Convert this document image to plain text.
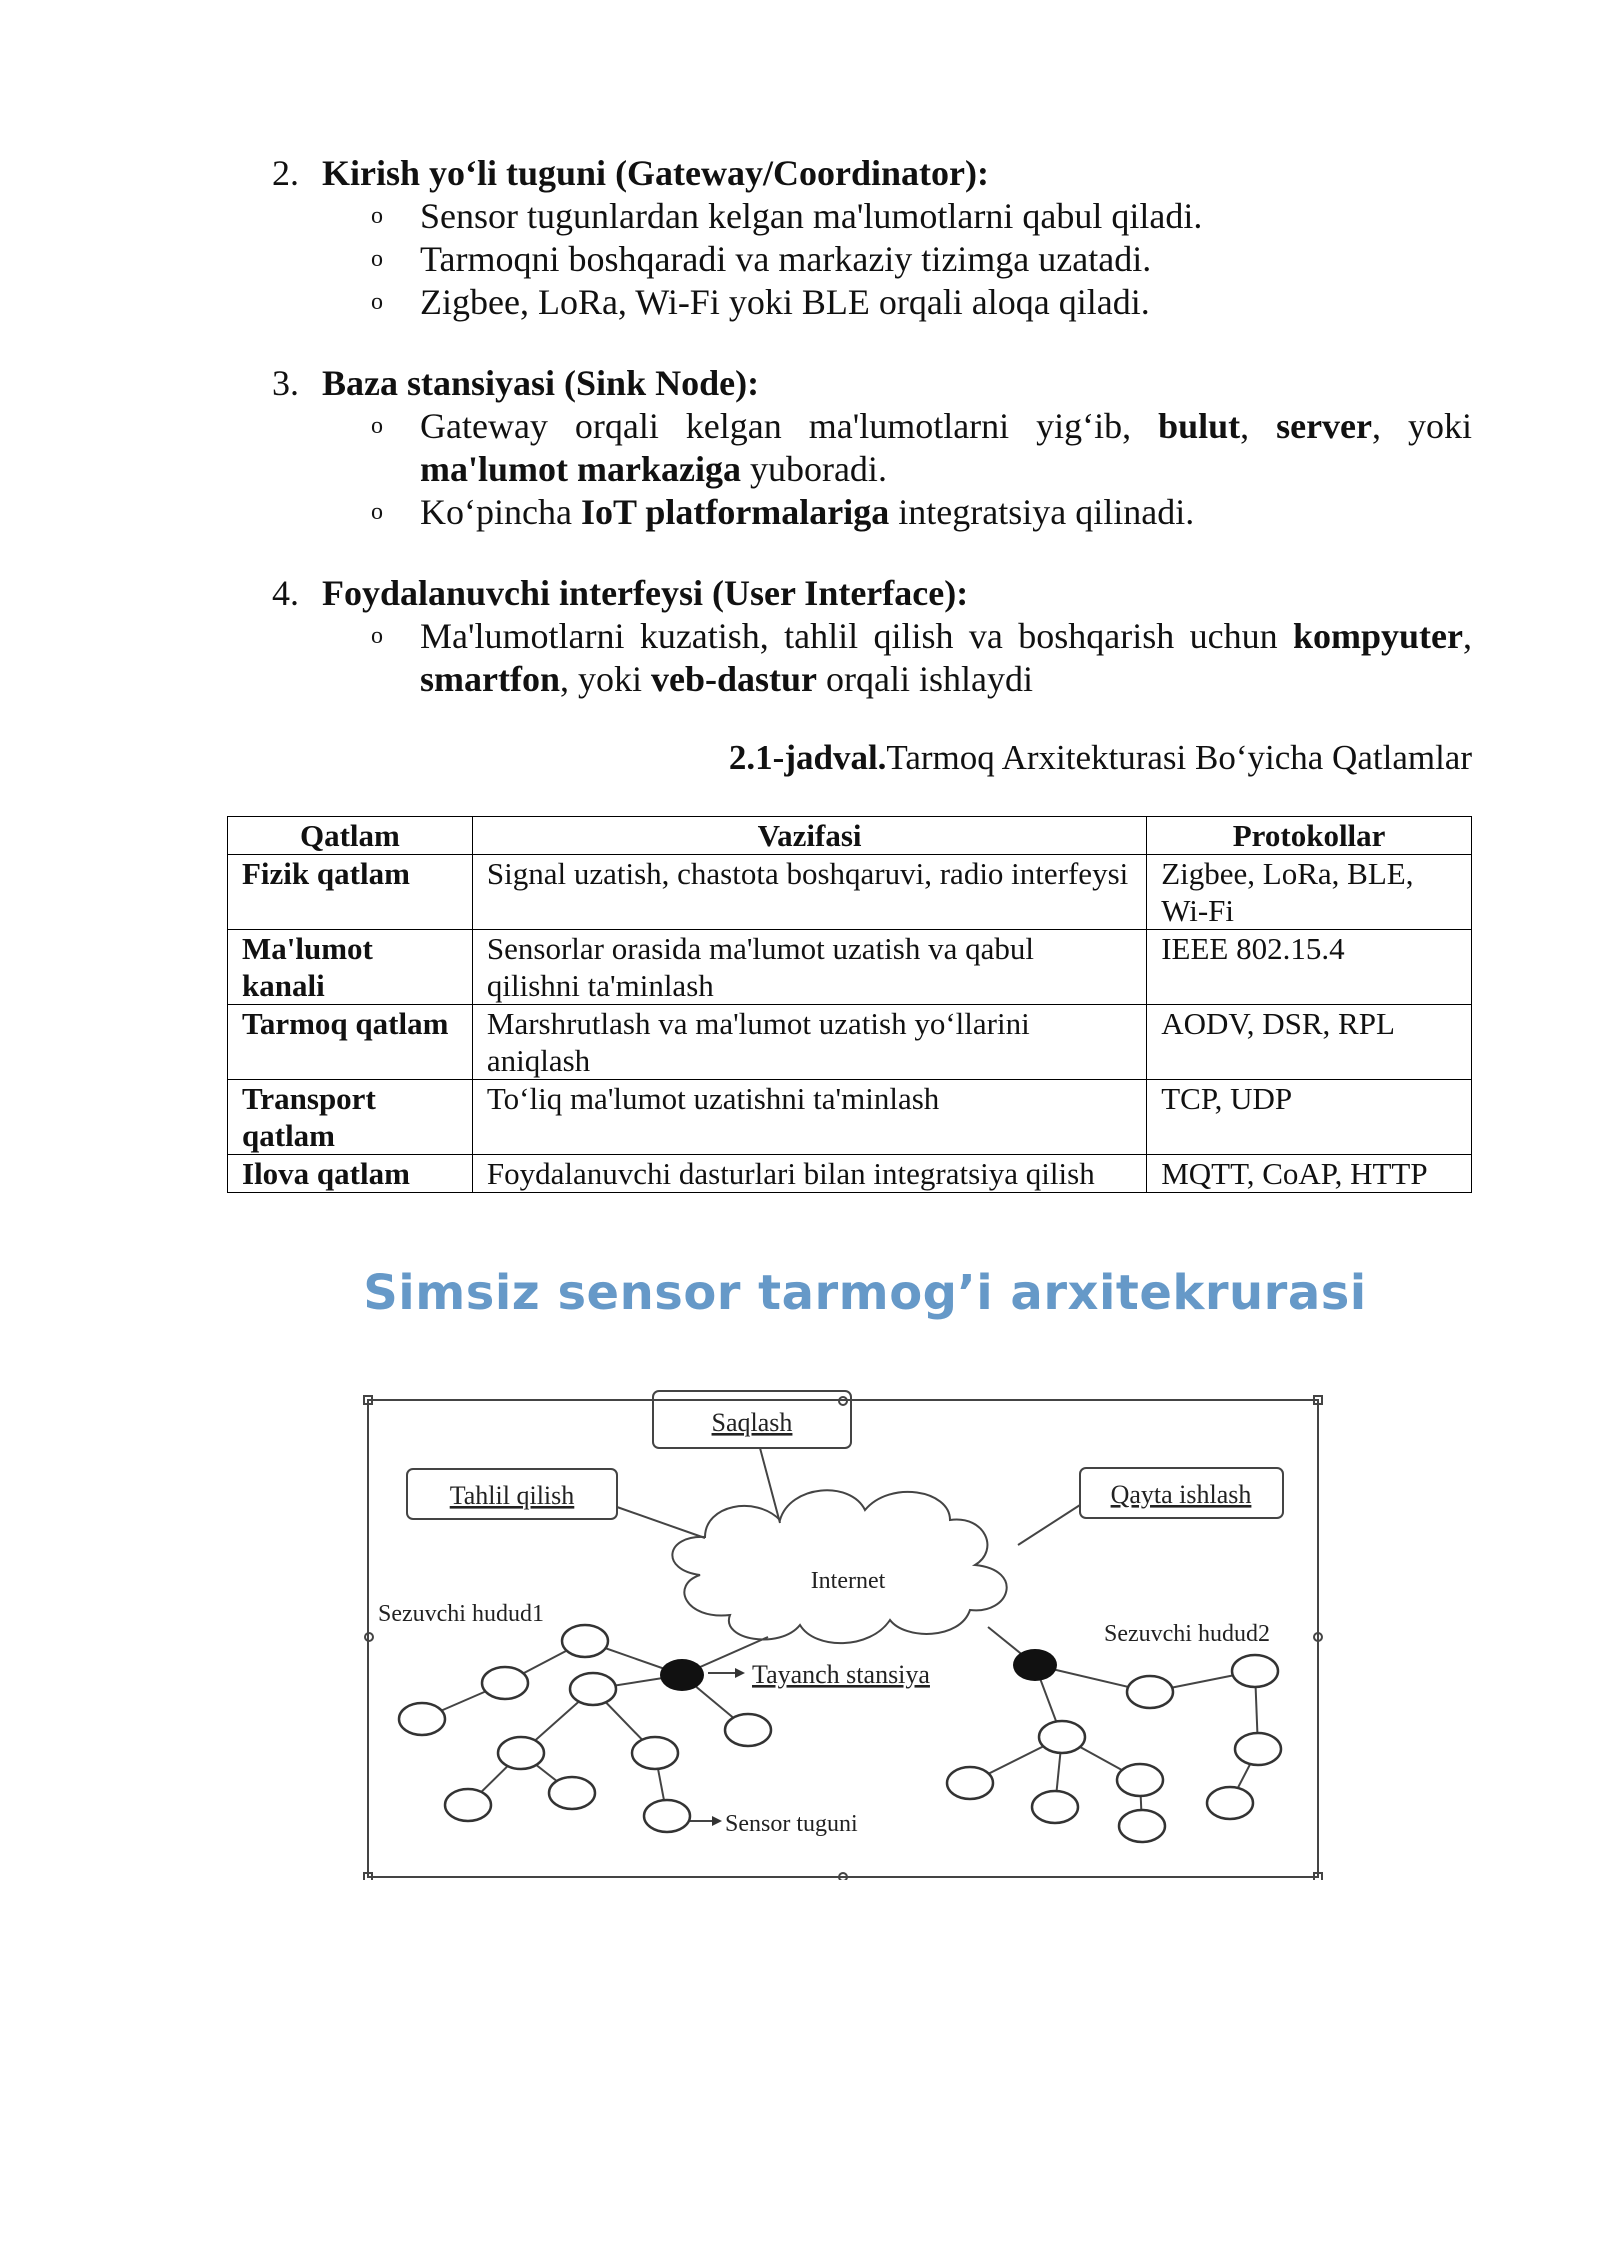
2. Kirish yo‘li tuguni (Gateway/Coordinator):
o Sensor tugunlardan kelgan ma'lumotlarni qabul qiladi.
o Tarmoqni boshqaradi va markaziy tizimga uzatadi.
o Zigbee, LoRa, Wi-Fi yoki BLE orqali aloqa qiladi.
3. Baza stansiyasi (Sink Node):
o Gateway orqali kelgan ma'lumotlarni yig‘ib, bulut, server, yoki ma'lumot markaziga yuboradi.
o Ko‘pincha IoT platformalariga integratsiya qilinadi.
4. Foydalanuvchi interfeysi (User Interface):
o Ma'lumotlarni kuzatish, tahlil qilish va boshqarish uchun kompyuter, smartfon, yoki veb-dastur orqali ishlaydi
2.1-jadval.Tarmoq Arxitekturasi Bo‘yicha Qatlamlar
Qatlam	Vazifasi	Protokollar
Fizik qatlam	Signal uzatish, chastota boshqaruvi, radio interfeysi	Zigbee, LoRa, BLE, Wi-Fi
Ma'lumot kanali	Sensorlar orasida ma'lumot uzatish va qabul qilishni ta'minlash	IEEE 802.15.4
Tarmoq qatlam	Marshrutlash va ma'lumot uzatish yo‘llarini aniqlash	AODV, DSR, RPL
Transport qatlam	To‘liq ma'lumot uzatishni ta'minlash	TCP, UDP
Ilova qatlam	Foydalanuvchi dasturlari bilan integratsiya qilish	MQTT, CoAP, HTTP
Simsiz sensor tarmog’i arxitekrurasi
Saqlash
Tahlil qilish	Qayta ishlash
Internet
Sezuvchi hudud1
Sezuvchi hudud2
Tayanch stansiya
Sensor tuguni
